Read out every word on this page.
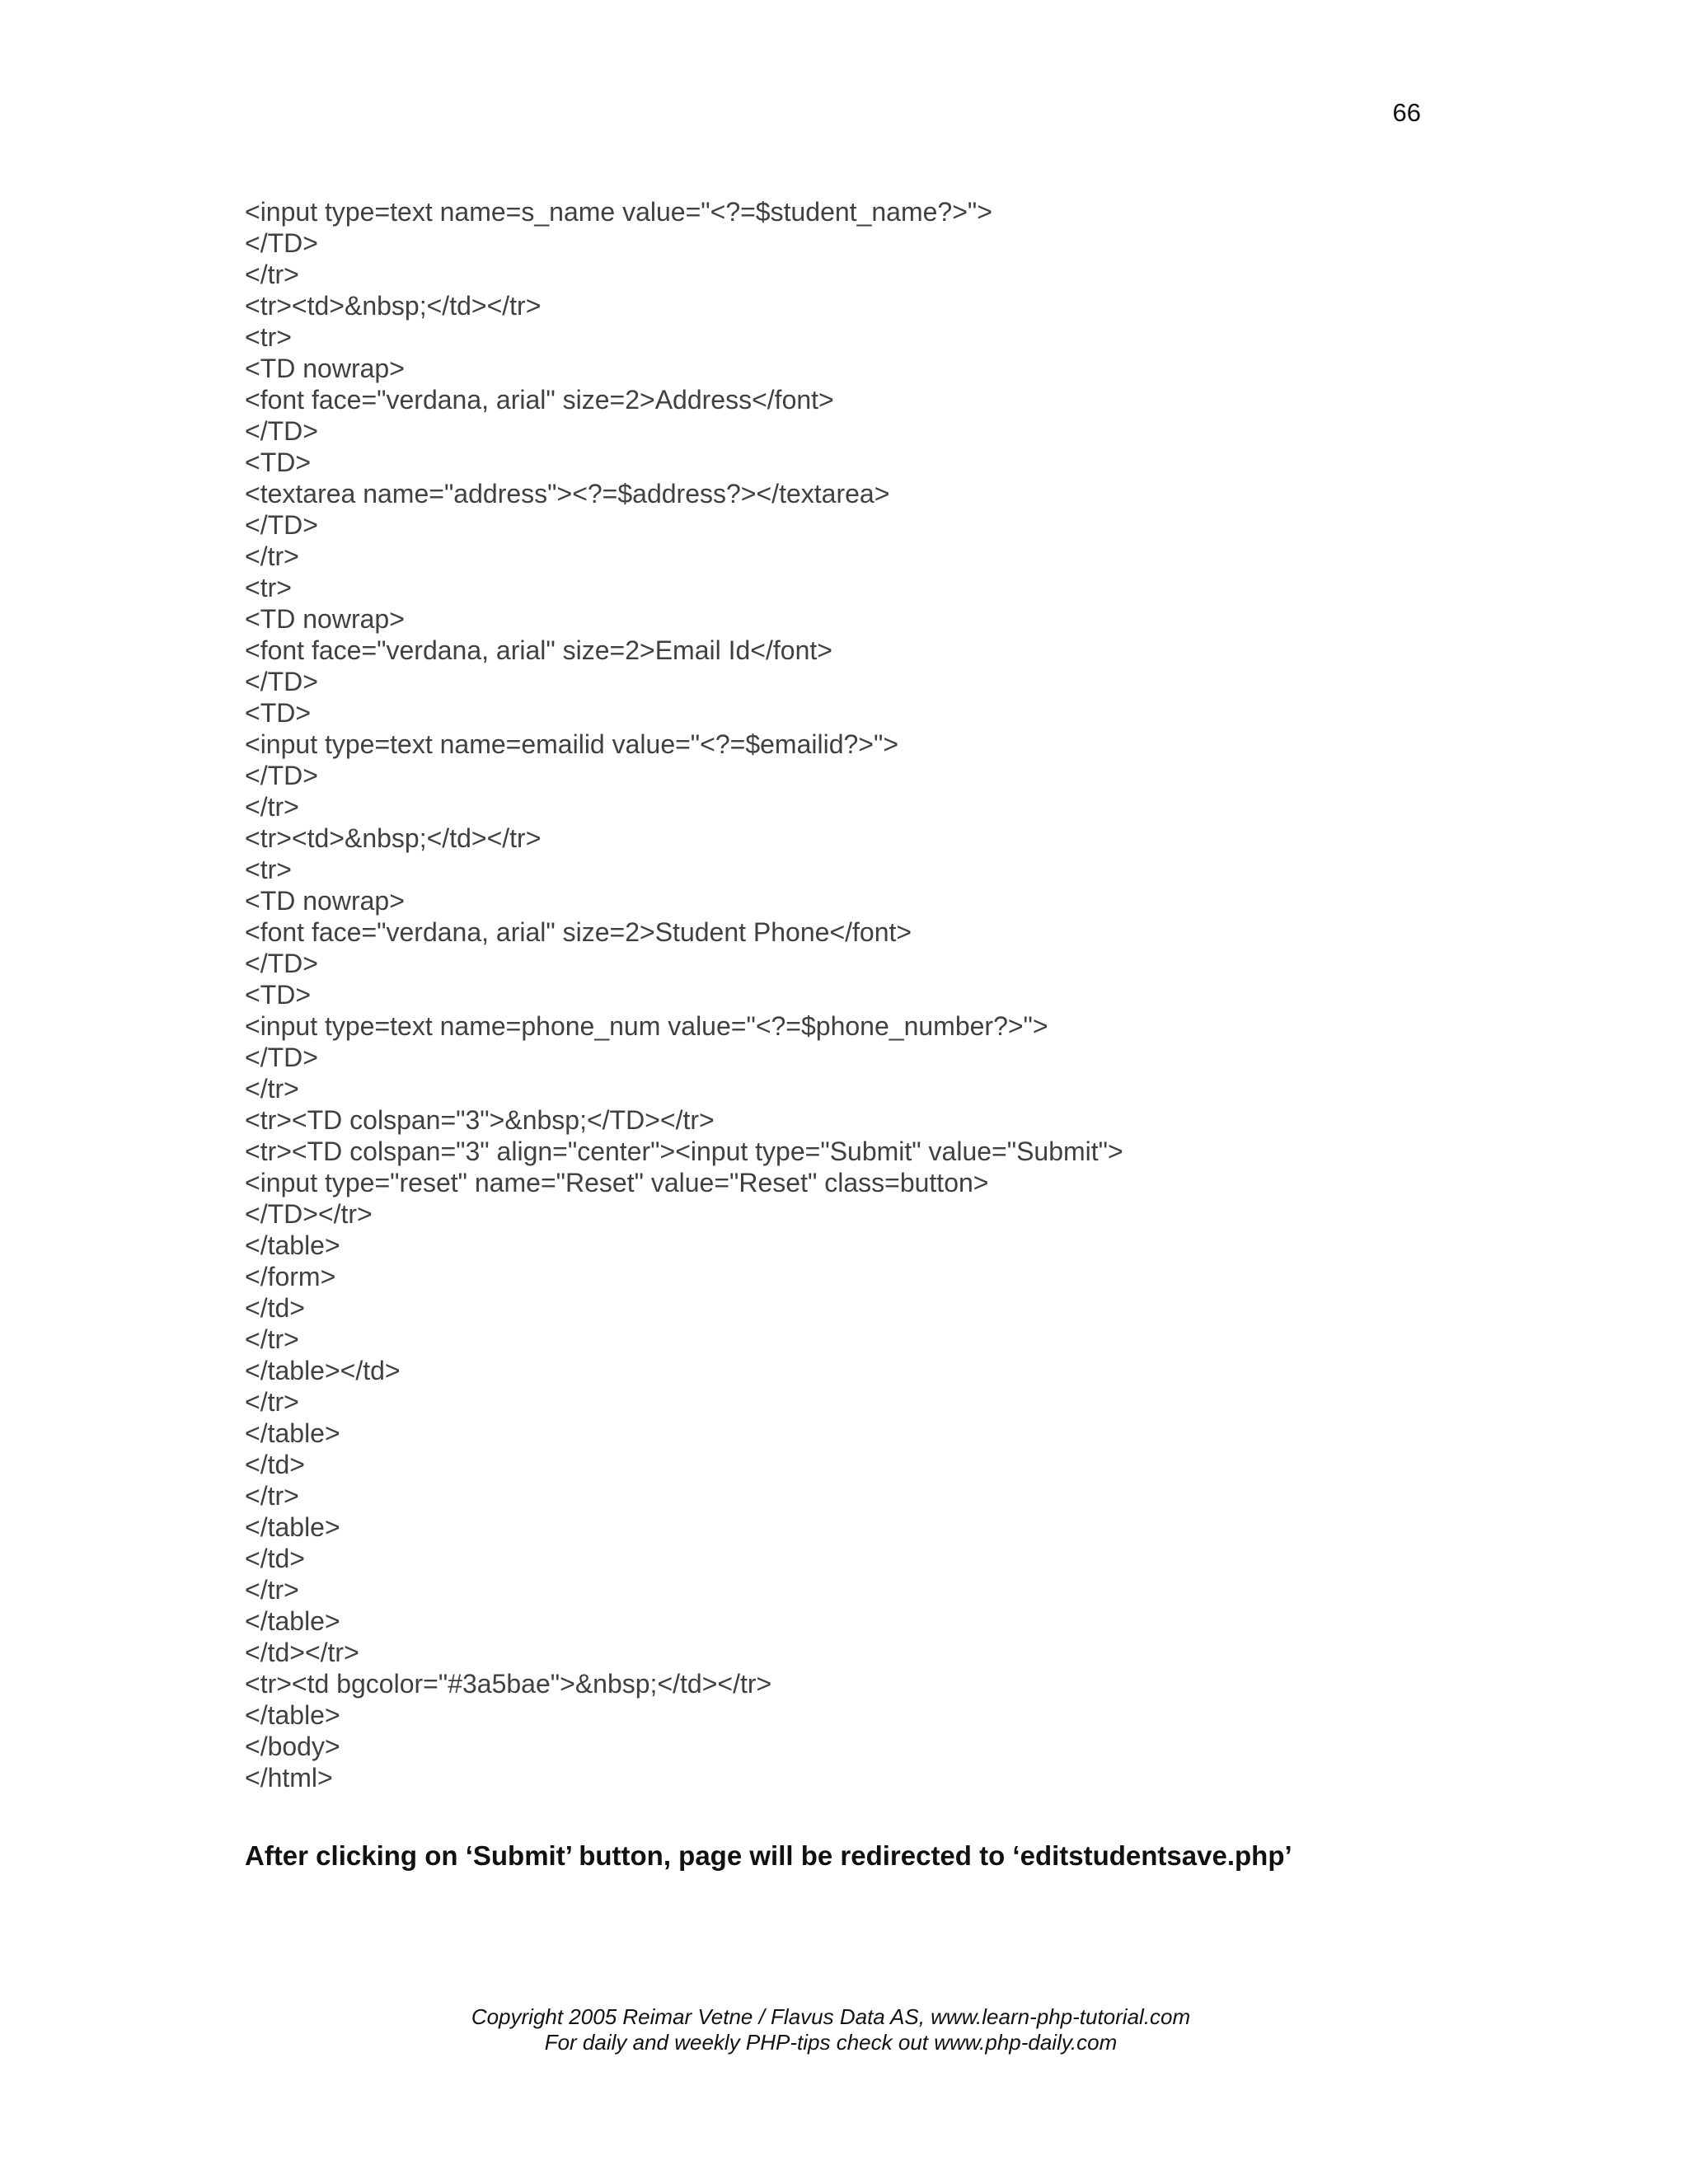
66
<input type=text name=s_name value="<?=$student_name?>">
</TD>
</tr>
<tr><td>&nbsp;</td></tr>
<tr>
<TD nowrap>
<font face="verdana, arial" size=2>Address</font>
</TD>
<TD>
<textarea name="address"><?=$address?></textarea>
</TD>
</tr>
<tr>
<TD nowrap>
<font face="verdana, arial" size=2>Email Id</font>
</TD>
<TD>
<input type=text name=emailid value="<?=$emailid?>">
</TD>
</tr>
<tr><td>&nbsp;</td></tr>
<tr>
<TD nowrap>
<font face="verdana, arial" size=2>Student Phone</font>
</TD>
<TD>
<input type=text name=phone_num value="<?=$phone_number?>">
</TD>
</tr>
<tr><TD colspan="3">&nbsp;</TD></tr>
<tr><TD colspan="3" align="center"><input type="Submit" value="Submit">
<input type="reset" name="Reset" value="Reset" class=button>
</TD></tr>
</table>
</form>
</td>
</tr>
</table></td>
</tr>
</table>
</td>
</tr>
</table>
</td>
</tr>
</table>
</td></tr>
<tr><td bgcolor="#3a5bae">&nbsp;</td></tr>
</table>
</body>
</html>
After clicking on ‘Submit’ button, page will be redirected to ‘editstudentsave.php’
Copyright 2005 Reimar Vetne / Flavus Data AS, www.learn-php-tutorial.com
For daily and weekly PHP-tips check out www.php-daily.com
